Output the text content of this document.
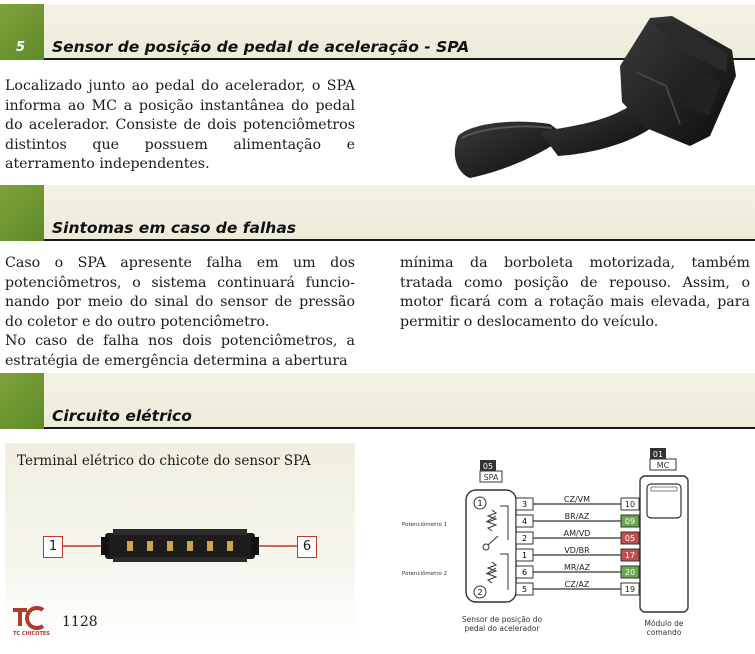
5 Sensor de posição de pedal de aceleração - SPA

Localizado junto ao pedal do acelerador, o SPA informa ao MC a posição instantânea do pedal do acelerador. Consiste de dois potenciômetros distintos que possuem alimentação e aterramento independentes.

Sintomas em caso de falhas

Caso o SPA apresente falha em um dos potenciômetros, o sistema continuará funcio-nando por meio do sinal do sensor de pressão do coletor e do outro potenciômetro.

No caso de falha nos dois potenciômetros, a estratégia de emergência determina a abertura

mínima da borboleta motorizada, também tratada como posição de repouso. Assim, o motor ficará com a rotação mais elevada, para permitir o deslocamento do veículo.

Circuito elétrico
Terminal elétrico do chicote do sensor SPA
1	6
TC CHICOTES
1128
05
SPA
01
MC
1
2
Potenciômetro 1
Potenciômetro 2
Sensor de posição do
pedal do acelerador
Módulo de
comando
3
CZ/VM
10
4
BR/AZ
09
2
AM/VD
05
1
VD/BR
17
6
MR/AZ
20
5
CZ/AZ
19
